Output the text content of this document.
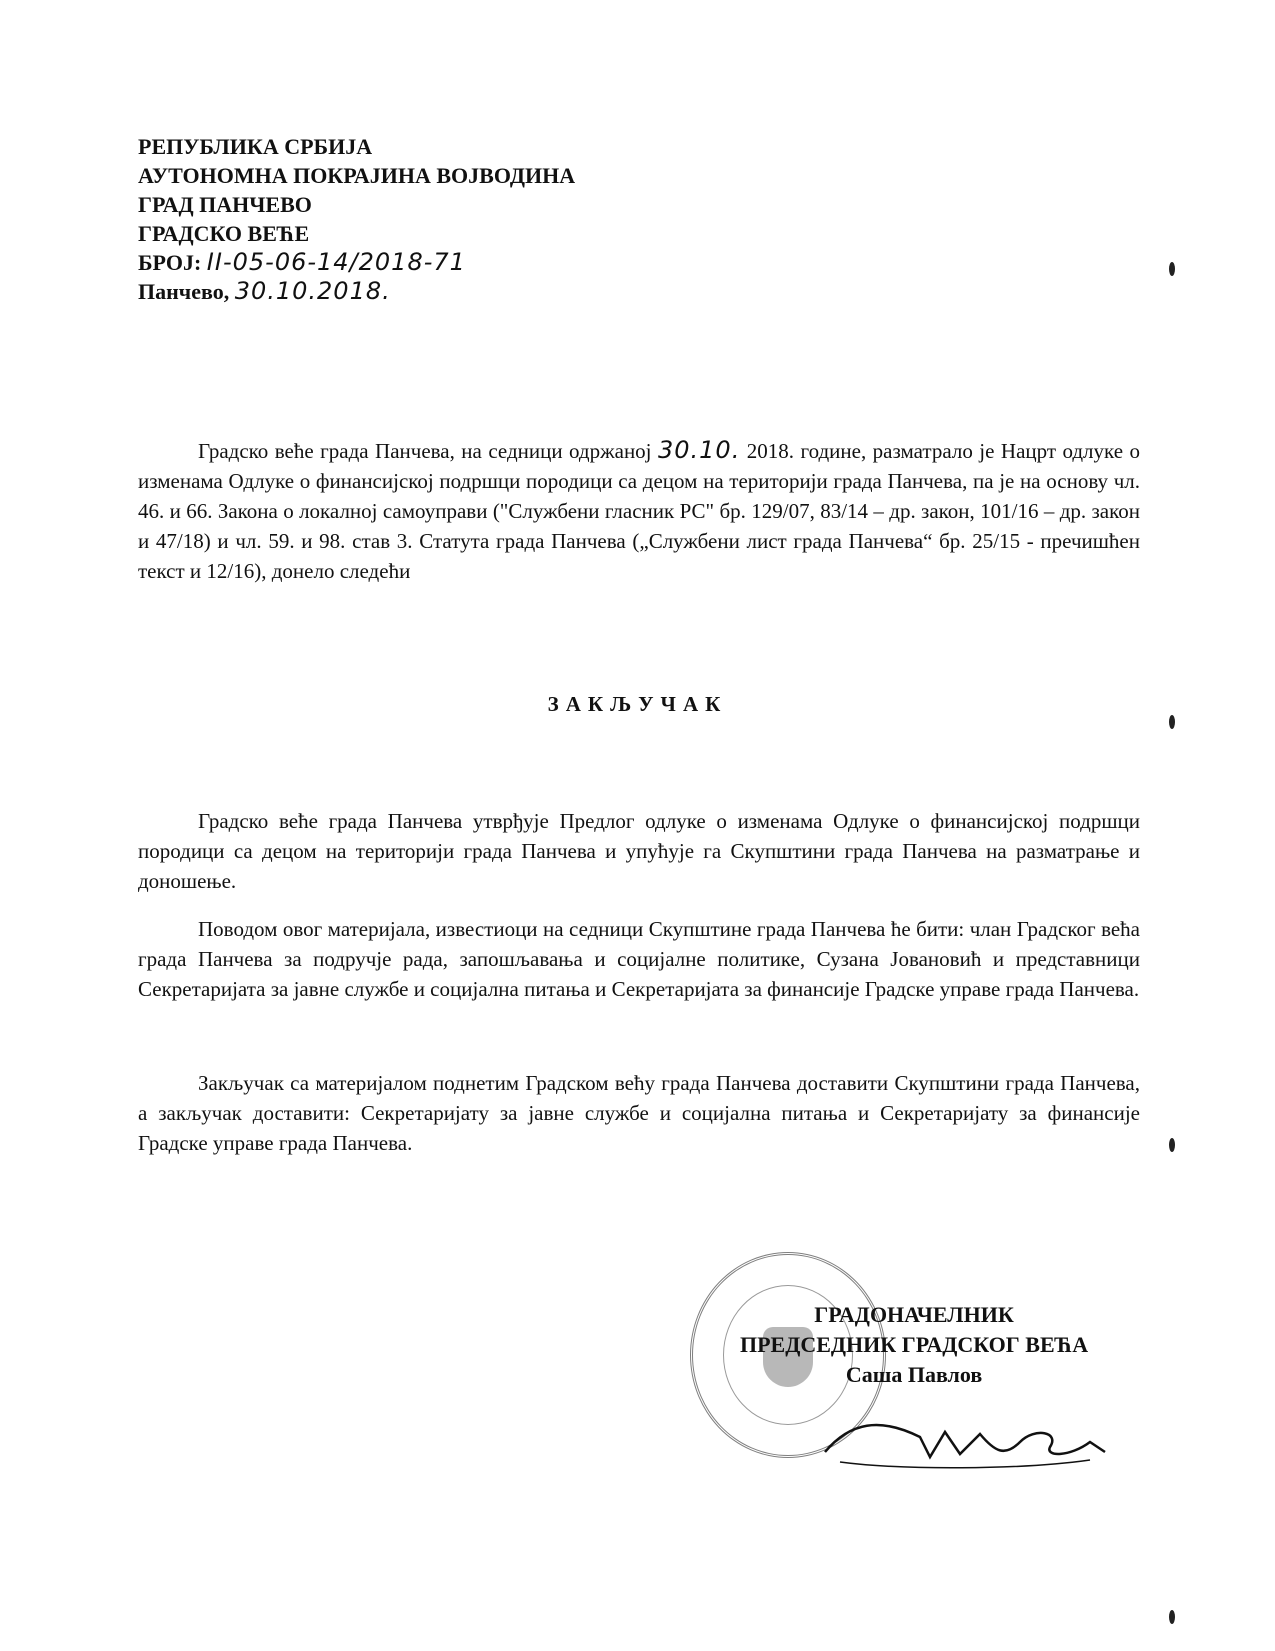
РЕПУБЛИКА СРБИЈА
АУТОНОМНА ПОКРАЈИНА ВОЈВОДИНА
ГРАД ПАНЧЕВО
ГРАДСКО ВЕЋЕ
БРОЈ: II-05-06-14/2018-71
Панчево, 30.10.2018.
Градско веће града Панчева, на седници одржаној 30.10. 2018. године, разматрало је Нацрт одлуке о изменама Одлуке о финансијској подршци породици са децом на територији града Панчева, па је на основу чл. 46. и 66. Закона о локалној самоуправи ("Службени гласник РС" бр. 129/07, 83/14 – др. закон, 101/16 – др. закон и 47/18) и чл. 59. и 98. став 3. Статута града Панчева („Службени лист града Панчева“ бр. 25/15 - пречишћен текст и 12/16), донело следећи
ЗАКЉУЧАК
Градско веће града Панчева утврђује Предлог одлуке о изменама Одлуке о финансијској подршци породици са децом на територији града Панчева и упућује га Скупштини града Панчева на разматрање и доношење.
Поводом овог материјала, известиоци на седници Скупштине града Панчева ће бити: члан Градског већа града Панчева за подручје рада, запошљавања и социјалне политике, Сузана Јовановић и представници Секретаријата за јавне службе и социјална питања и Секретаријата за финансије Градске управе града Панчева.
Закључак са материјалом поднетим Градском већу града Панчева доставити Скупштини града Панчева, а закључак доставити: Секретаријату за јавне службе и социјална питања и Секретаријату за финансије Градске управе града Панчева.
ГРАДОНАЧЕЛНИК
ПРЕДСЕДНИК ГРАДСКОГ ВЕЋА
Саша Павлов
